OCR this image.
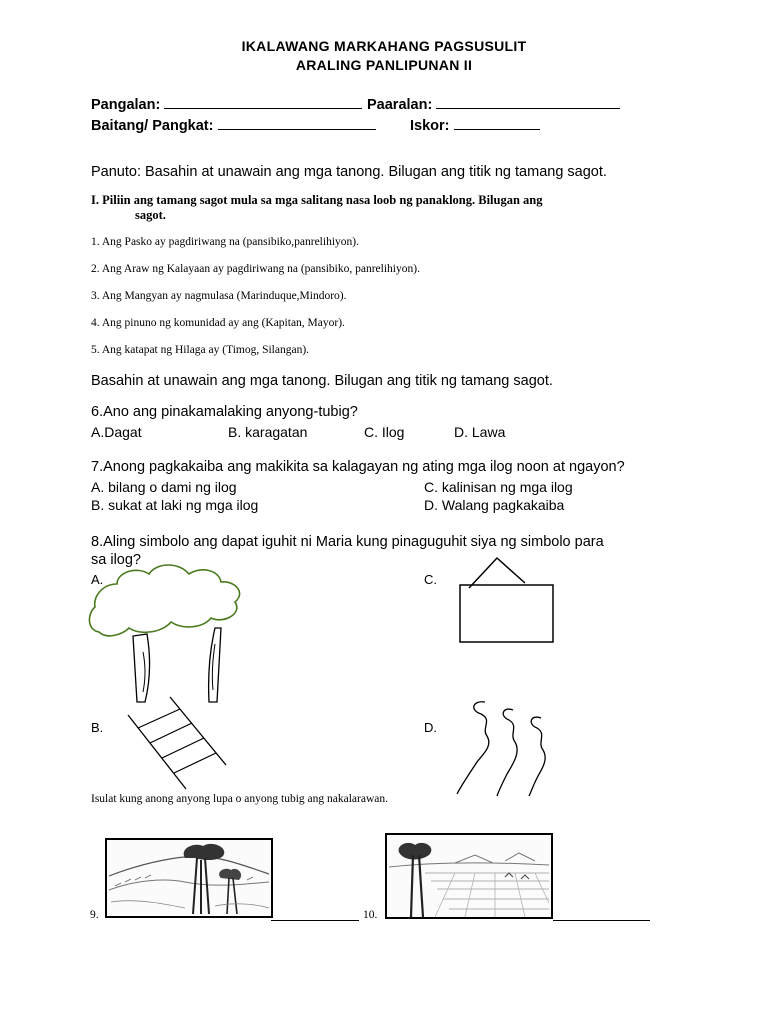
IKALAWANG MARKAHANG PAGSUSULIT
ARALING PANLIPUNAN II
Pangalan:	Paaralan:
Baitang/ Pangkat:	Iskor:
Panuto: Basahin at unawain ang mga tanong. Bilugan ang titik ng tamang sagot.
I. Piliin ang tamang sagot mula sa mga salitang nasa loob ng panaklong. Bilugan ang
sagot.
1. Ang Pasko ay pagdiriwang na (pansibiko,panrelihiyon).
2. Ang Araw ng Kalayaan ay pagdiriwang na (pansibiko, panrelihiyon).
3. Ang Mangyan ay nagmulasa (Marinduque,Mindoro).
4. Ang pinuno ng komunidad ay ang (Kapitan, Mayor).
5. Ang katapat ng Hilaga ay (Timog, Silangan).
Basahin at unawain ang mga tanong. Bilugan ang titik ng tamang sagot.
6.Ano ang pinakamalaking anyong-tubig?
A.Dagat	B. karagatan	C. Ilog	D. Lawa
7.Anong pagkakaiba ang makikita sa kalagayan ng ating mga ilog noon at ngayon?
A. bilang o dami ng ilog	C. kalinisan ng mga ilog
B. sukat at laki ng mga ilog	D. Walang pagkakaiba
8.Aling simbolo ang dapat iguhit ni Maria kung pinaguguhit siya ng simbolo para
sa ilog?
A.	C.
B.	D.
Isulat kung anong anyong lupa o anyong tubig ang nakalarawan.
9.	10.
